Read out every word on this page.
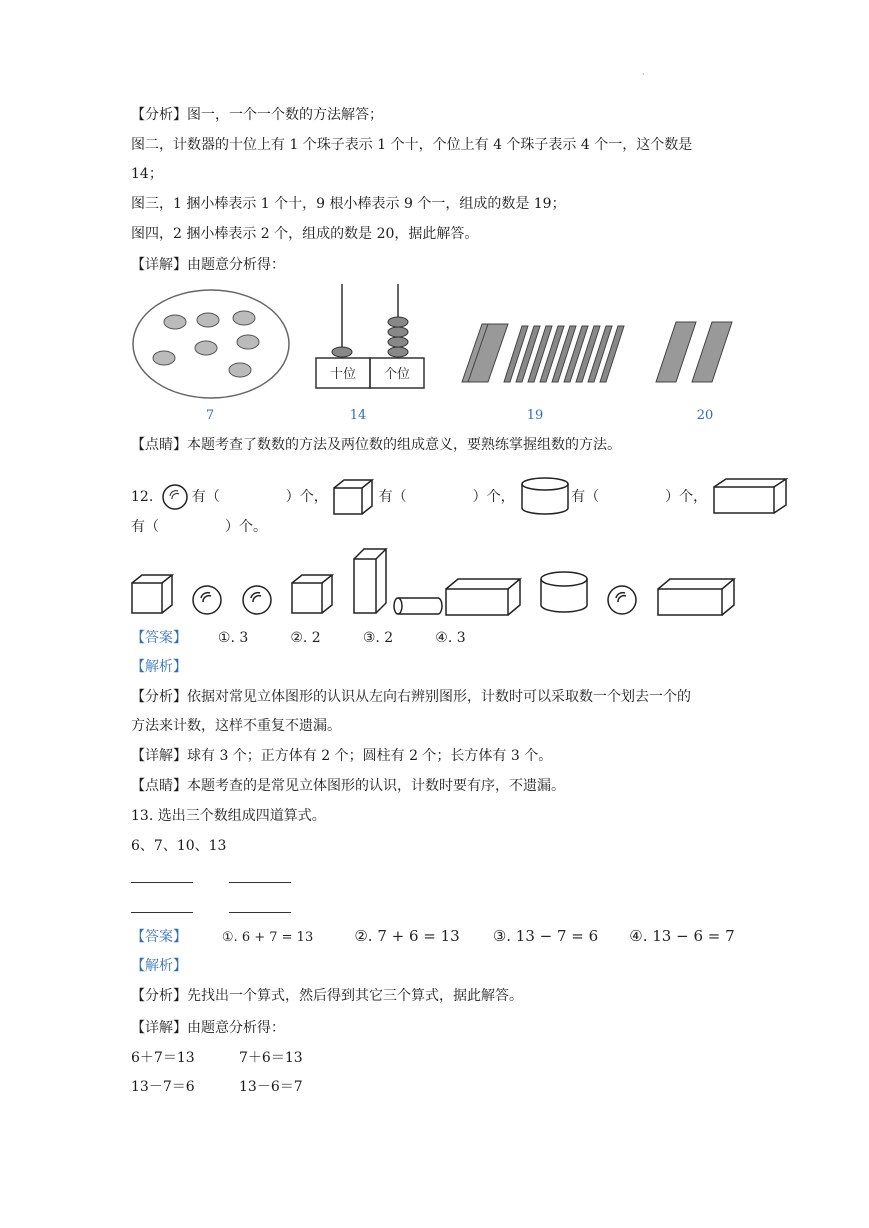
·
【分析】图一，一个一个数的方法解答；
图二，计数器的十位上有 1 个珠子表示 1 个十，个位上有 4 个珠子表示 4 个一，这个数是
14；
图三，1 捆小棒表示 1 个十，9 根小棒表示 9 个一，组成的数是 19；
图四，2 捆小棒表示 2 个，组成的数是 20，据此解答。
【详解】由题意分析得：
十位 个位
7	14	19	20
【点睛】本题考查了数数的方法及两位数的组成意义，要熟练掌握组数的方法。
12.	有（	）个，	有（	）个，	有（	）个，
有（	）个。
【答案】 ①. 3	②. 2	③. 2	④. 3
【解析】
【分析】依据对常见立体图形的认识从左向右辨别图形，计数时可以采取数一个划去一个的
方法来计数，这样不重复不遗漏。
【详解】球有 3 个；正方体有 2 个；圆柱有 2 个；长方体有 3 个。
【点睛】本题考查的是常见立体图形的认识，计数时要有序，不遗漏。
13. 选出三个数组成四道算式。
6、7、10、13
【答案】	①. 6 + 7 = 13	②. 7 + 6 = 13 ③. 13 − 7 = 6 ④. 13 − 6 = 7
【解析】
【分析】先找出一个算式，然后得到其它三个算式，据此解答。
【详解】由题意分析得：
6＋7＝13	7＋6＝13
13－7＝6	13－6＝7
